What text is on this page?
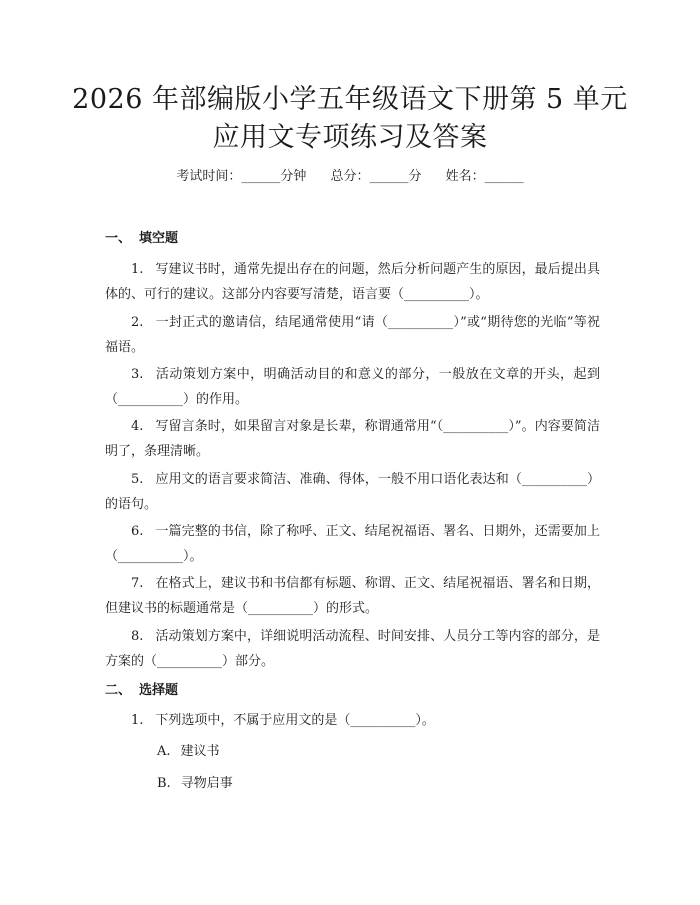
2026 年部编版小学五年级语文下册第 5 单元
应用文专项练习及答案
考试时间：______分钟 总分：______分 姓名：______
一、 填空题
1. 写建议书时，通常先提出存在的问题，然后分析问题产生的原因，最后提出具体的、可行的建议。这部分内容要写清楚，语言要（__________）。
2. 一封正式的邀请信，结尾通常使用“请（__________）”或“期待您的光临”等祝福语。
3. 活动策划方案中，明确活动目的和意义的部分，一般放在文章的开头，起到（__________）的作用。
4. 写留言条时，如果留言对象是长辈，称谓通常用“（__________）”。内容要简洁明了，条理清晰。
5. 应用文的语言要求简洁、准确、得体，一般不用口语化表达和（__________）的语句。
6. 一篇完整的书信，除了称呼、正文、结尾祝福语、署名、日期外，还需要加上（__________）。
7. 在格式上，建议书和书信都有标题、称谓、正文、结尾祝福语、署名和日期，但建议书的标题通常是（__________）的形式。
8. 活动策划方案中，详细说明活动流程、时间安排、人员分工等内容的部分，是方案的（__________）部分。
二、 选择题
1. 下列选项中，不属于应用文的是（__________）。
A. 建议书
B. 寻物启事
